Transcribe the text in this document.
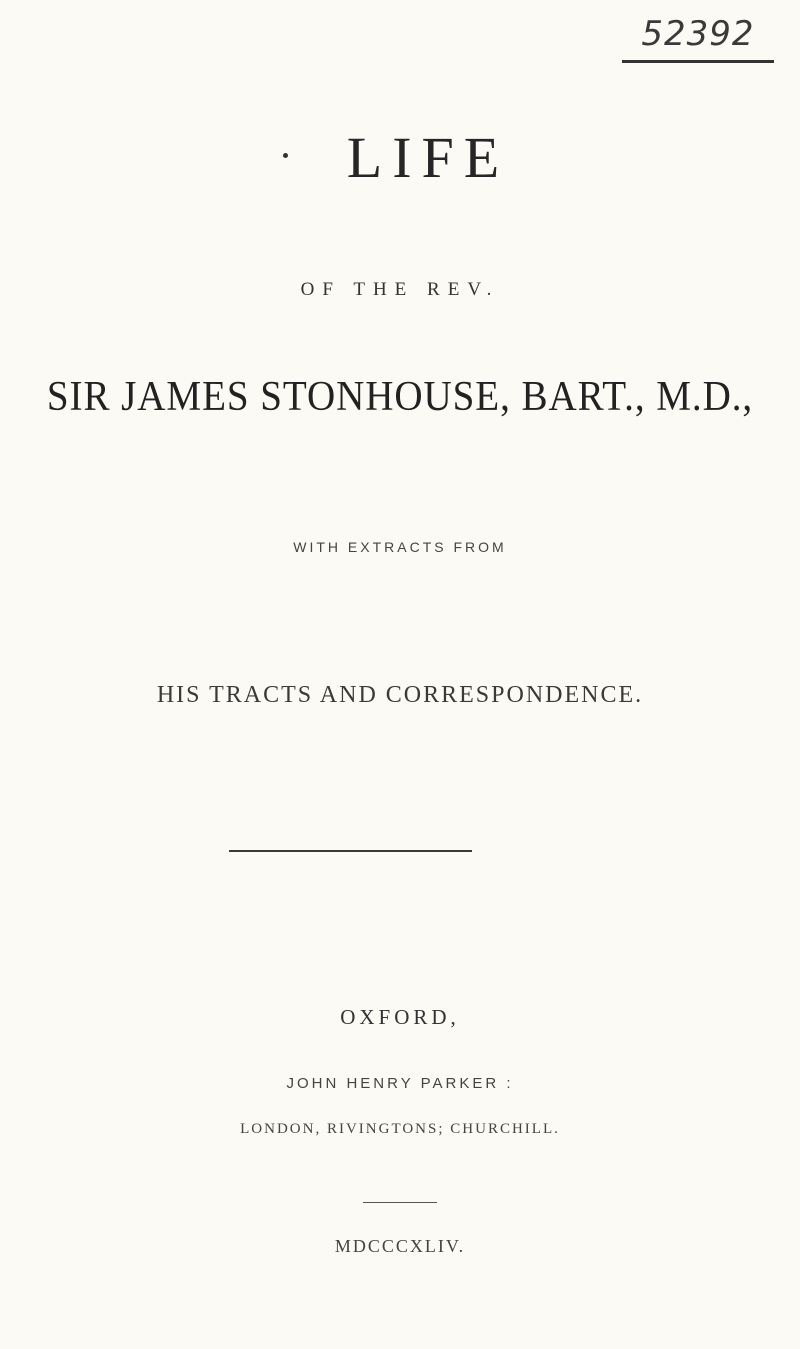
52392
LIFE
OF THE REV.
SIR JAMES STONHOUSE, BART., M.D.,
WITH EXTRACTS FROM
HIS TRACTS AND CORRESPONDENCE.
OXFORD,
JOHN HENRY PARKER :
LONDON, RIVINGTONS; CHURCHILL.
MDCCCXLIV.
